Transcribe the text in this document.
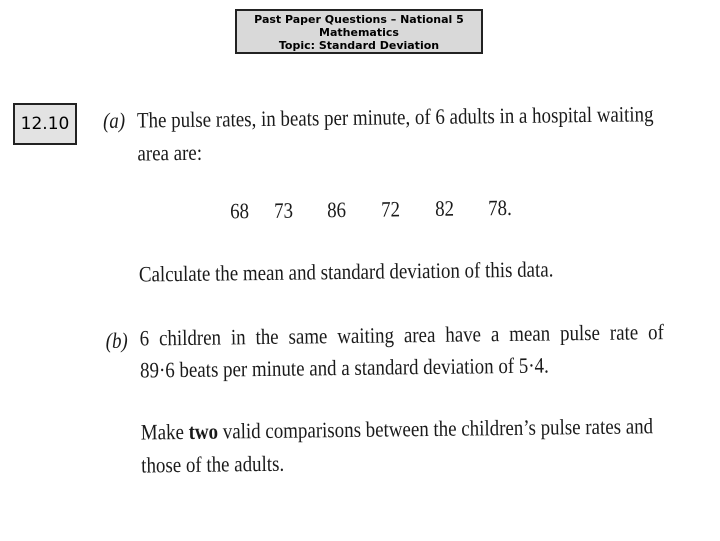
Past Paper Questions – National 5
Mathematics
Topic: Standard Deviation
12.10 (a) The pulse rates, in beats per minute, of 6 adults in a hospital waiting
area are:
68 73 86 72 82 78.
Calculate the mean and standard deviation of this data.
(b) 6 children in the same waiting area have a mean pulse rate of
89·6 beats per minute and a standard deviation of 5·4.
Make two valid comparisons between the children’s pulse rates and
those of the adults.
